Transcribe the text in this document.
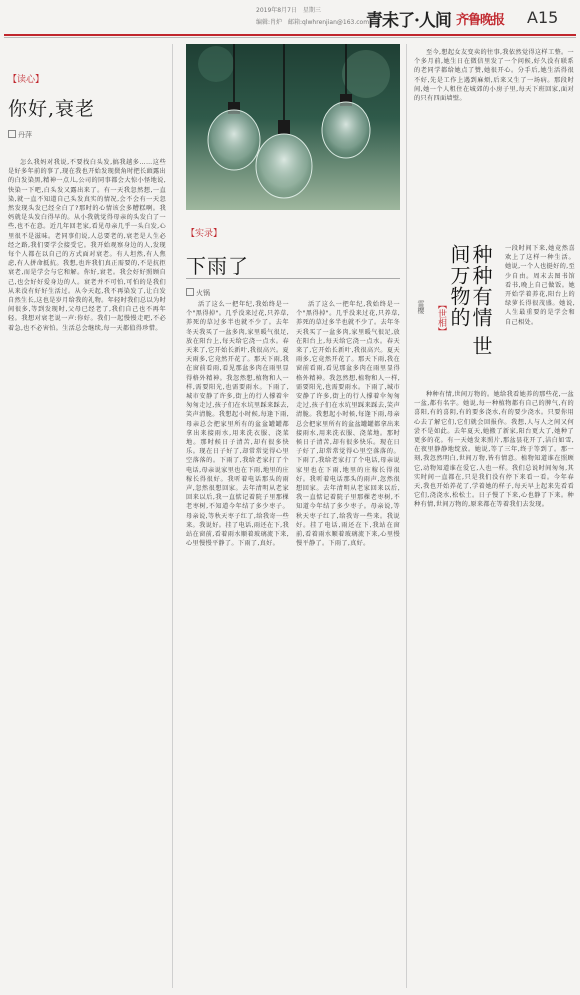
2019年8月7日　星期三
编辑:肖炉　邮箱:qlwhrenjian@163.com
青未了·人间 齐鲁晚报 A15
【读心】
你好,衰老
丹萍
怎么我妈对我说,不要找白头发,搞我越多……这些是好多年前的事了,现在我也开始发现鬓角时把长頭露出的白发染黑,精神一点儿,公司的同事都会大惊小怪地说,快染一下吧,白头发又露出来了。有一天我忽然想,一直染,就一直不知道自己头发真实的情况,会不会有一天忽然发现头发已经全白了?那时的心情该会多糟糕啊。我妈就是头发白得早的。从小我就觉得母亲的头发白了一些,也不在意。近几年回老家,看见母亲几乎一头白发,心里很不是滋味。老同事们说,人总要老的,衰老是人生必经之路,我们要学会接受它。我开始观察身边的人,发现每个人都在以自己的方式面对衰老。有人坦然,有人焦虑,有人拼命抵抗。我想,也许我们真正需要的,不是抗拒衰老,而是学会与它和解。你好,衰老。我会好好照顾自己,也会好好爱身边的人。衰老并不可怕,可怕的是我们从来没有好好生活过。从今天起,我不再染发了,让白发自然生长,这也是岁月给我的礼物。年轻时我们总以为时间很多,等到发现时,父母已经老了,我们自己也不再年轻。我想对衰老说一声:你好。我们一起慢慢走吧,不必着急,也不必害怕。生活总会继续,每一天都值得珍惜。
【实录】
下雨了
火锅
活了这么一把年纪,我始终是一个"黑得掉"。几乎没来过花,只养草,养死的草过多半也就不少了。去年冬天我买了一盆多肉,家里暖气很足,放在阳台上,每天给它浇一点水。春天来了,它开始长新叶,我很高兴。夏天雨多,它竟然开花了。那天下雨,我在窗前看雨,看见那盆多肉在雨里显得格外精神。我忽然想,植物和人一样,需要阳光,也需要雨水。下雨了,城市安静了许多,街上的行人撑着伞匆匆走过,孩子们在水坑里踩来踩去,笑声清脆。我想起小时候,每逢下雨,母亲总会把家里所有的盆盆罐罐都拿出来接雨水,用来洗衣服、浇菜地。那时候日子清苦,却有很多快乐。现在日子好了,却常常觉得心里空落落的。下雨了,我给老家打了个电话,母亲说家里也在下雨,地里的庄稼长得很好。我听着电话那头的雨声,忽然很想回家。去年清明从老家回来以后,我一直惦记着院子里那棵老枣树,不知道今年结了多少枣子。母亲说,等秋天枣子红了,给我寄一些来。我说好。挂了电话,雨还在下,我站在窗前,看着雨水顺着玻璃流下来,心里慢慢平静了。下雨了,真好。
活了这么一把年纪,我始终是一个"黑得掉"。几乎没来过花,只养草,养死的草过多半也就不少了。去年冬天我买了一盆多肉,家里暖气很足,放在阳台上,每天给它浇一点水。春天来了,它开始长新叶,我很高兴。夏天雨多,它竟然开花了。那天下雨,我在窗前看雨,看见那盆多肉在雨里显得格外精神。我忽然想,植物和人一样,需要阳光,也需要雨水。下雨了,城市安静了许多,街上的行人撑着伞匆匆走过,孩子们在水坑里踩来踩去,笑声清脆。我想起小时候,每逢下雨,母亲总会把家里所有的盆盆罐罐都拿出来接雨水,用来洗衣服、浇菜地。那时候日子清苦,却有很多快乐。现在日子好了,却常常觉得心里空落落的。下雨了,我给老家打了个电话,母亲说家里也在下雨,地里的庄稼长得很好。我听着电话那头的雨声,忽然很想回家。去年清明从老家回来以后,我一直惦记着院子里那棵老枣树,不知道今年结了多少枣子。母亲说,等秋天枣子红了,给我寄一些来。我说好。挂了电话,雨还在下,我站在窗前,看着雨水顺着玻璃流下来,心里慢慢平静了。下雨了,真好。
至今,想起女友变卖的往事,我依然觉得这样工整。一个多月前,她生日在微信里发了一个问候,好久没有联系的老同学都给她点了赞,她很开心。分手后,她生活得很不好,先是工作上遇到麻烦,后来又生了一场病。那段时间,她一个人租住在城郊的小房子里,每天下班回家,面对的只有四面墙壁。
种种有情 世间万物的
【世相】
雷樱
一段时间下来,她竟然喜欢上了这样一种生活。她说,一个人也挺好的,至少自由。周末去图书馆看书,晚上自己做饭。她开始学着养花,阳台上的绿萝长得很茂盛。她说,人生最重要的是学会和自己相处。
种种有情,世间万物的。她给我看她养的那些花,一盆一盆,都有名字。她说,每一种植物都有自己的脾气,有的喜阳,有的喜阴,有的要多浇水,有的要少浇水。只要你用心去了解它们,它们就会回报你。我想,人与人之间又何尝不是如此。去年夏天,她搬了新家,阳台更大了,她种了更多的花。有一天她发来照片,那盆昙花开了,洁白如雪,在夜里静静地绽放。她说,等了三年,终于等到了。那一刻,我忽然明白,世间万物,皆有情意。植物知道谁在照顾它,动物知道谁在爱它,人也一样。我们总说时间匆匆,其实时间一直都在,只是我们没有停下来看一看。今年春天,我也开始养花了,学着她的样子,每天早上起来先看看它们,浇浇水,松松土。日子慢了下来,心也静了下来。种种有情,世间万物的,原来都在等着我们去发现。
